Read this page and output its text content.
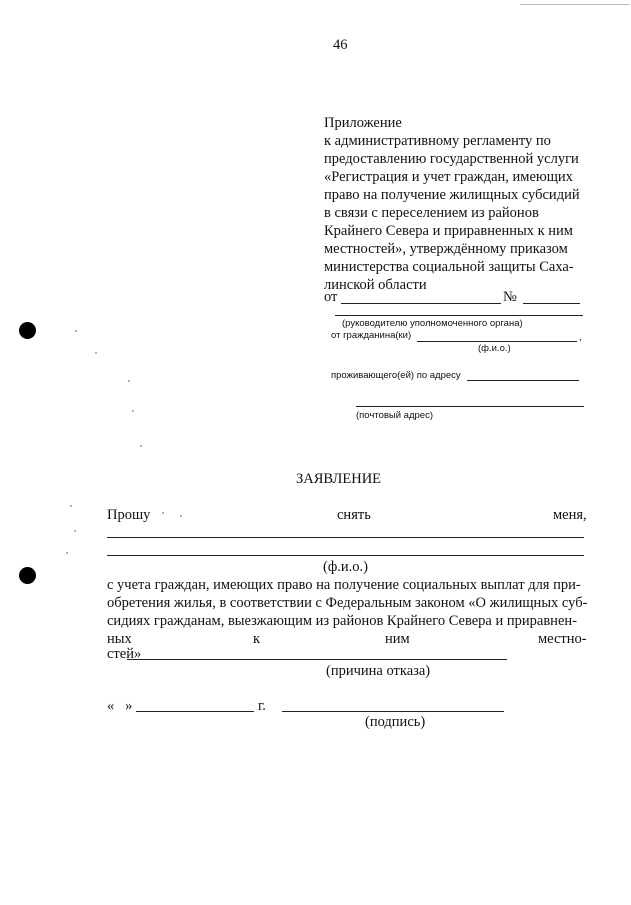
46
Приложение
к административному регламенту по
предоставлению государственной услуги
«Регистрация и учет граждан, имеющих
право на получение жилищных субсидий
в связи с переселением из районов
Крайнего Севера и приравненных к ним
местностей», утверждённому приказом
министерства социальной защиты Саха-
линской области
от	№
(руководителю уполномоченного органа)
от гражданина(ки)	,
(ф.и.о.)
проживающего(ей) по адресу
(почтовый адрес)
ЗАЯВЛЕНИЕ
Прошу	снять	меня,
(ф.и.о.)
с учета граждан, имеющих право на получение социальных выплат для при-
обретения жилья, в соответствии с Федеральным законом «О жилищных суб-
сидиях гражданам, выезжающим из районов Крайнего Севера и приравнен-
ных	к	ним	местно-
стей»
(причина отказа)
«   »	г.
(подпись)
